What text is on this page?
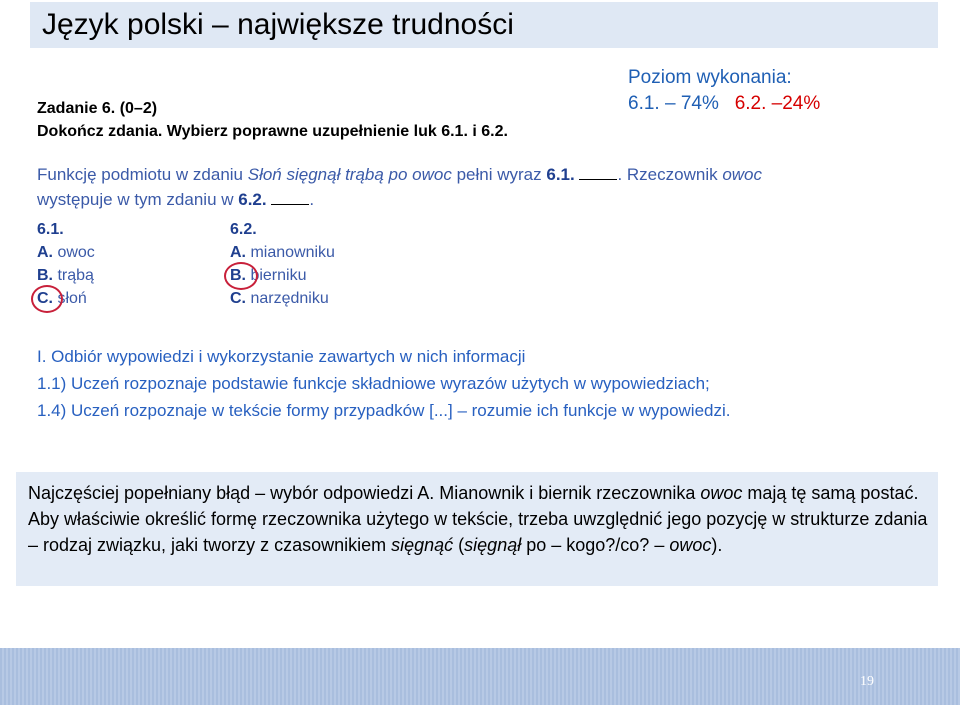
Język polski – największe trudności
Zadanie 6. (0–2)
Dokończ zdania. Wybierz poprawne uzupełnienie luk 6.1. i 6.2.
Poziom wykonania:
6.1. – 74% 6.2. –24%
Funkcję podmiotu w zdaniu Słoń sięgnął trąbą po owoc pełni wyraz 6.1.	. Rzeczownik owoc
występuje w tym zdaniu w 6.2.	.
6.1.
A. owoc
B. trąbą
C. słoń
6.2.
A. mianowniku
B. bierniku
C. narzędniku
I. Odbiór wypowiedzi i wykorzystanie zawartych w nich informacji
1.1) Uczeń rozpoznaje podstawie funkcje składniowe wyrazów użytych w wypowiedziach;
1.4) Uczeń rozpoznaje w tekście formy przypadków [...] – rozumie ich funkcje w wypowiedzi.

Najczęściej popełniany błąd – wybór odpowiedzi A. Mianownik i biernik rzeczownika owoc mają tę samą postać. Aby właściwie określić formę rzeczownika użytego w tekście, trzeba uwzględnić jego pozycję w strukturze zdania – rodzaj związku, jaki tworzy z czasownikiem sięgnąć (sięgnął po – kogo?/co? – owoc).

19
